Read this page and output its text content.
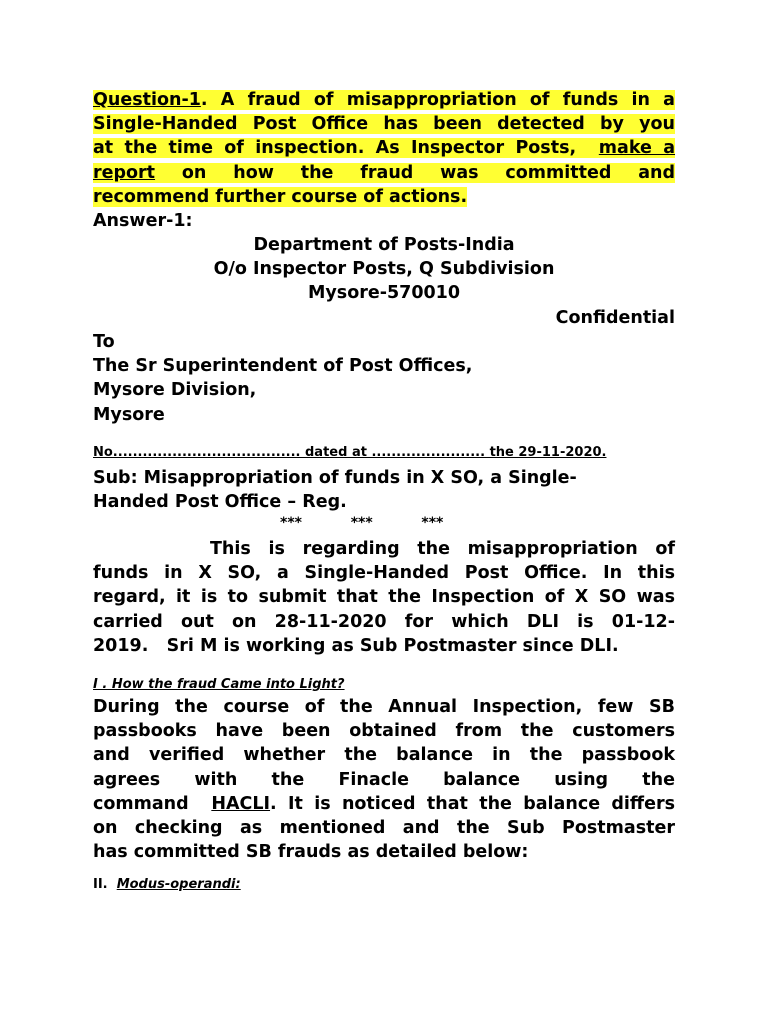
Question-1. A fraud of misappropriation of funds in a
Single-Handed Post Office has been detected by you
at the time of inspection. As Inspector Posts, make a
report on how the fraud was committed and
recommend further course of actions.
Answer-1:
Department of Posts-India
O/o Inspector Posts, Q Subdivision
Mysore-570010
Confidential
To
The Sr Superintendent of Post Offices,
Mysore Division,
Mysore
No...................................... dated at ....................... the 29-11-2020.
Sub: Misappropriation of funds in X SO, a Single-
Handed Post Office – Reg.
***          ***          ***
This is regarding the misappropriation of
funds in X SO, a Single-Handed Post Office. In this
regard, it is to submit that the Inspection of X SO was
carried out on 28-11-2020 for which DLI is 01-12-
2019.   Sri M is working as Sub Postmaster since DLI.
I . How the fraud Came into Light?
During the course of the Annual Inspection, few SB
passbooks have been obtained from the customers
and verified whether the balance in the passbook
agrees with the Finacle balance using the
command HACLI. It is noticed that the balance differs
on checking as mentioned and the Sub Postmaster
has committed SB frauds as detailed below:
II. Modus-operandi:
